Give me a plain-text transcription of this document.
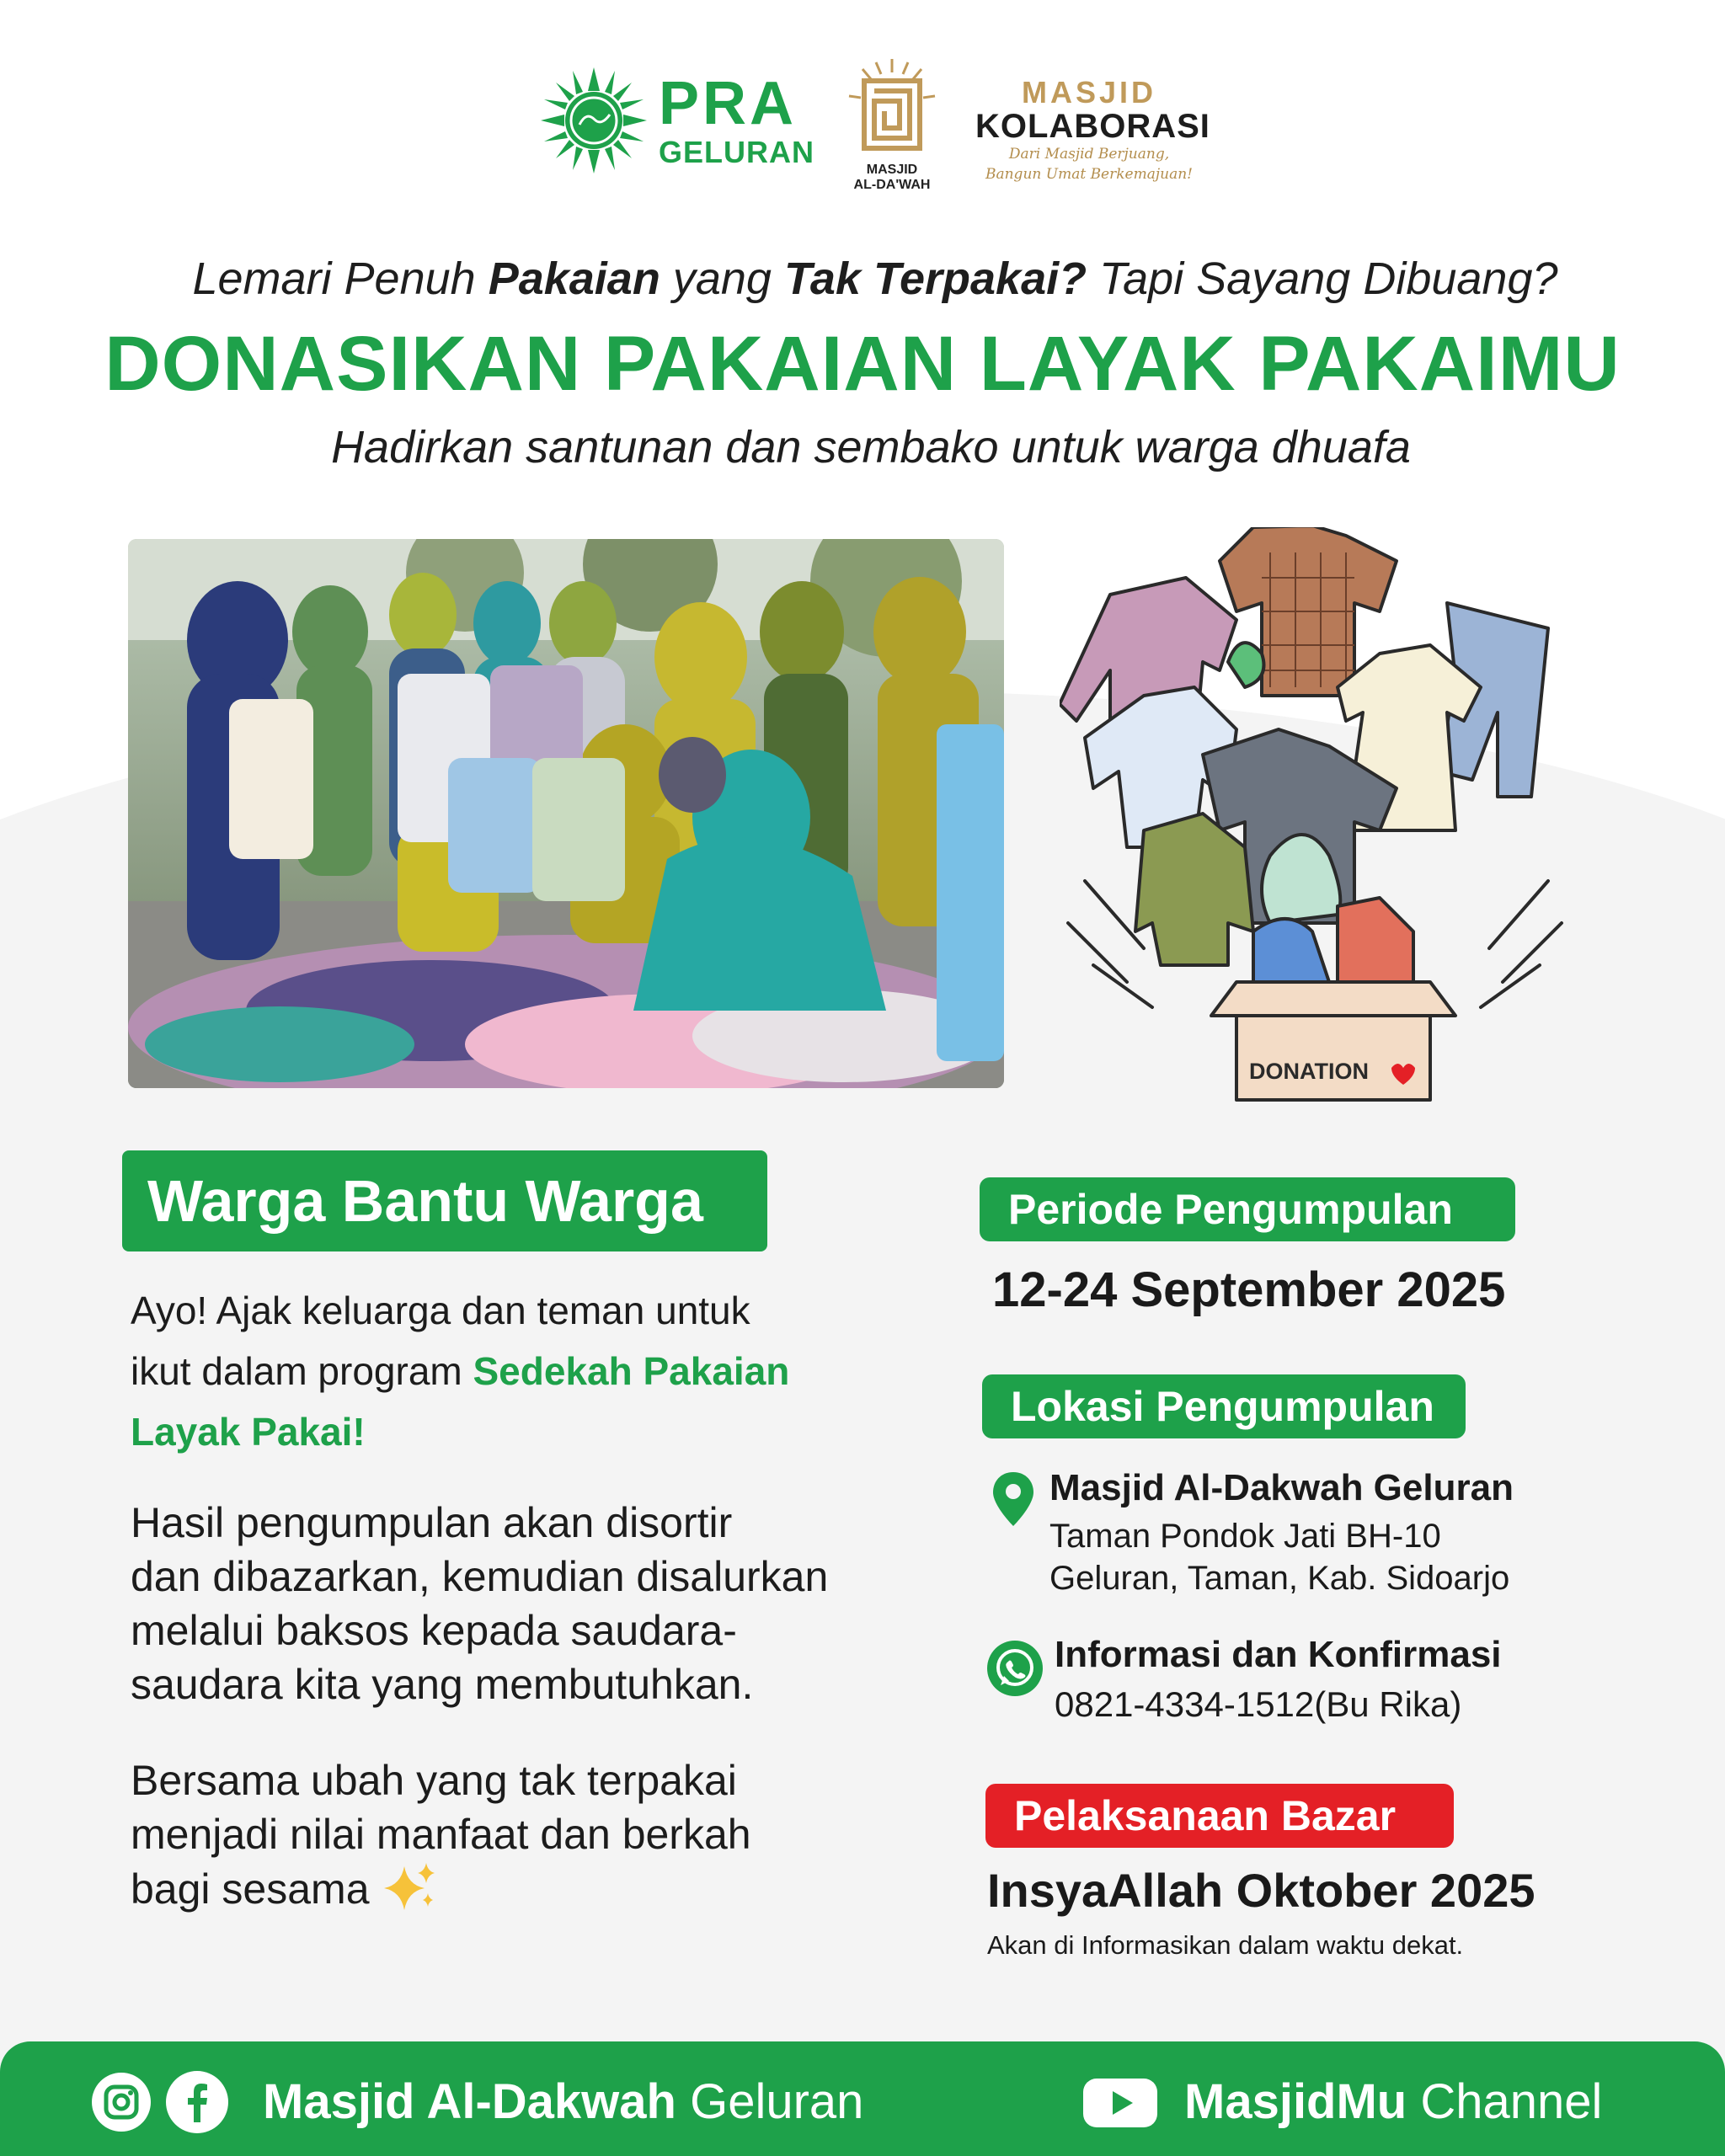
PRA
GELURAN
MASJID
AL-DA'WAH
MASJID
KOLABORASI
Dari Masjid Berjuang,
Bangun Umat Berkemajuan!
Lemari Penuh Pakaian yang Tak Terpakai? Tapi Sayang Dibuang?
DONASIKAN PAKAIAN LAYAK PAKAIMU
Hadirkan santunan dan sembako untuk warga dhuafa
DONATION
Warga Bantu Warga
Ayo! Ajak keluarga dan teman untuk
ikut dalam program Sedekah Pakaian
Layak Pakai!
Hasil pengumpulan akan disortir
dan dibazarkan, kemudian disalurkan
melalui baksos kepada saudara-
saudara kita yang membutuhkan.
Bersama ubah yang tak terpakai
menjadi nilai manfaat dan berkah
bagi sesama
Periode Pengumpulan
12-24 September 2025
Lokasi Pengumpulan
Masjid Al-Dakwah Geluran
Taman Pondok Jati BH-10
Geluran, Taman, Kab. Sidoarjo
Informasi dan Konfirmasi
0821-4334-1512(Bu Rika)
Pelaksanaan Bazar
InsyaAllah Oktober 2025
Akan di Informasikan dalam waktu dekat.
Masjid Al-Dakwah Geluran	MasjidMu Channel
